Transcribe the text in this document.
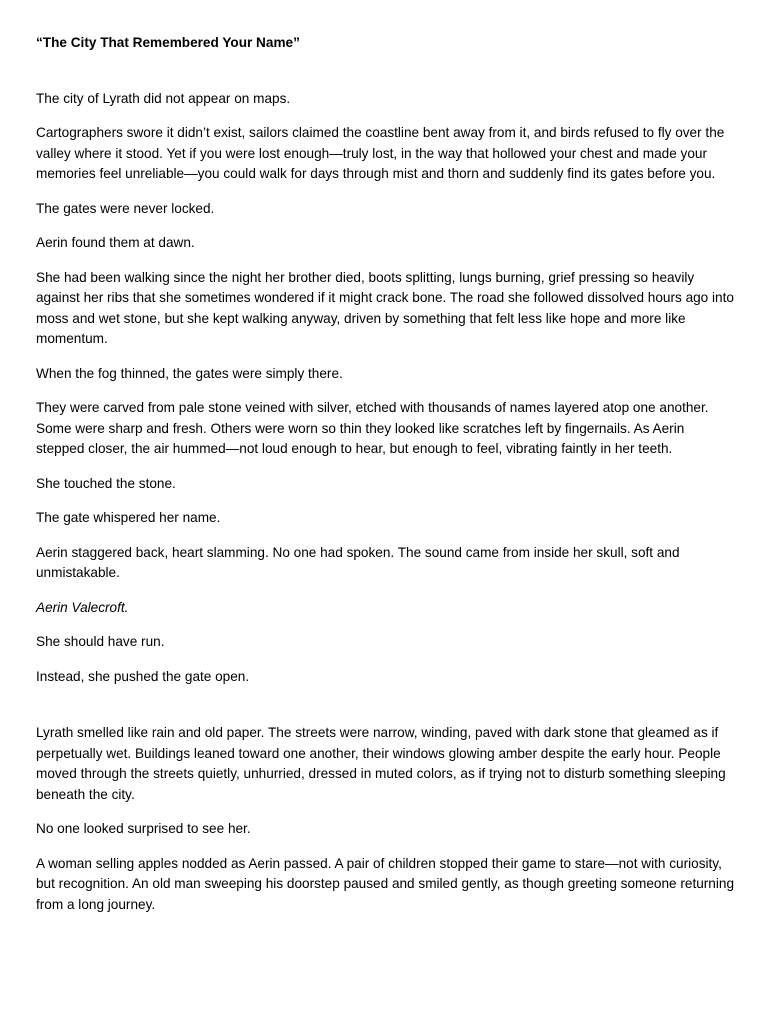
“The City That Remembered Your Name”

The city of Lyrath did not appear on maps.

Cartographers swore it didn’t exist, sailors claimed the coastline bent away from it, and birds refused to fly over the valley where it stood. Yet if you were lost enough—truly lost, in the way that hollowed your chest and made your memories feel unreliable—you could walk for days through mist and thorn and suddenly find its gates before you.

The gates were never locked.

Aerin found them at dawn.

She had been walking since the night her brother died, boots splitting, lungs burning, grief pressing so heavily against her ribs that she sometimes wondered if it might crack bone. The road she followed dissolved hours ago into moss and wet stone, but she kept walking anyway, driven by something that felt less like hope and more like momentum.

When the fog thinned, the gates were simply there.

They were carved from pale stone veined with silver, etched with thousands of names layered atop one another. Some were sharp and fresh. Others were worn so thin they looked like scratches left by fingernails. As Aerin stepped closer, the air hummed—not loud enough to hear, but enough to feel, vibrating faintly in her teeth.

She touched the stone.

The gate whispered her name.

Aerin staggered back, heart slamming. No one had spoken. The sound came from inside her skull, soft and unmistakable.

Aerin Valecroft.

She should have run.

Instead, she pushed the gate open.

Lyrath smelled like rain and old paper. The streets were narrow, winding, paved with dark stone that gleamed as if perpetually wet. Buildings leaned toward one another, their windows glowing amber despite the early hour. People moved through the streets quietly, unhurried, dressed in muted colors, as if trying not to disturb something sleeping beneath the city.

No one looked surprised to see her.

A woman selling apples nodded as Aerin passed. A pair of children stopped their game to stare—not with curiosity, but recognition. An old man sweeping his doorstep paused and smiled gently, as though greeting someone returning from a long journey.
